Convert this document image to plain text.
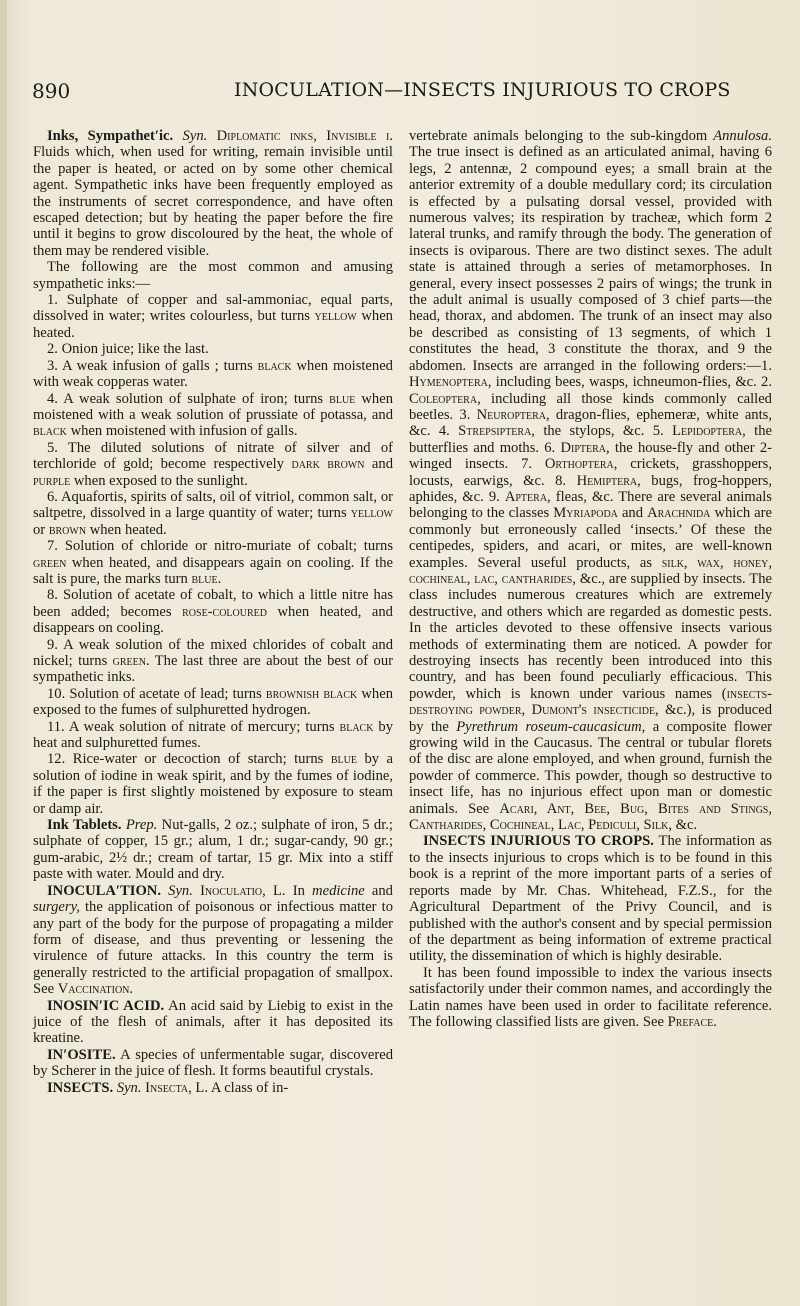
890	INOCULATION—INSECTS INJURIOUS TO CROPS

Inks, Sympathet′ic. Syn. Diplomatic inks, Invisible i. Fluids which, when used for writing, remain invisible until the paper is heated, or acted on by some other chemical agent. Sympathetic inks have been frequently employed as the instruments of secret correspondence, and have often escaped detection; but by heating the paper before the fire until it begins to grow discoloured by the heat, the whole of them may be rendered visible.

The following are the most common and amusing sympathetic inks:—

1. Sulphate of copper and sal-ammoniac, equal parts, dissolved in water; writes colourless, but turns yellow when heated.

2. Onion juice; like the last.

3. A weak infusion of galls ; turns black when moistened with weak copperas water.

4. A weak solution of sulphate of iron; turns blue when moistened with a weak solution of prussiate of potassa, and black when moistened with infusion of galls.

5. The diluted solutions of nitrate of silver and of terchloride of gold; become respectively dark brown and purple when exposed to the sunlight.

6. Aquafortis, spirits of salts, oil of vitriol, common salt, or saltpetre, dissolved in a large quantity of water; turns yellow or brown when heated.

7. Solution of chloride or nitro-muriate of cobalt; turns green when heated, and disappears again on cooling. If the salt is pure, the marks turn blue.

8. Solution of acetate of cobalt, to which a little nitre has been added; becomes rose-coloured when heated, and disappears on cooling.

9. A weak solution of the mixed chlorides of cobalt and nickel; turns green. The last three are about the best of our sympathetic inks.

10. Solution of acetate of lead; turns brownish black when exposed to the fumes of sulphuretted hydrogen.

11. A weak solution of nitrate of mercury; turns black by heat and sulphuretted fumes.

12. Rice-water or decoction of starch; turns blue by a solution of iodine in weak spirit, and by the fumes of iodine, if the paper is first slightly moistened by exposure to steam or damp air.

Ink Tablets. Prep. Nut-galls, 2 oz.; sulphate of iron, 5 dr.; sulphate of copper, 15 gr.; alum, 1 dr.; sugar-candy, 90 gr.; gum-arabic, 2½ dr.; cream of tartar, 15 gr. Mix into a stiff paste with water. Mould and dry.

INOCULA′TION. Syn. Inoculatio, L. In medicine and surgery, the application of poisonous or infectious matter to any part of the body for the purpose of propagating a milder form of disease, and thus preventing or lessening the virulence of future attacks. In this country the term is generally restricted to the artificial propagation of smallpox. See Vaccination.

INOSIN′IC ACID. An acid said by Liebig to exist in the juice of the flesh of animals, after it has deposited its kreatine.

IN′OSITE. A species of unfermentable sugar, discovered by Scherer in the juice of flesh. It forms beautiful crystals.

INSECTS. Syn. Insecta, L. A class of in-

vertebrate animals belonging to the sub-kingdom Annulosa. The true insect is defined as an articulated animal, having 6 legs, 2 antennæ, 2 compound eyes; a small brain at the anterior extremity of a double medullary cord; its circulation is effected by a pulsating dorsal vessel, provided with numerous valves; its respiration by tracheæ, which form 2 lateral trunks, and ramify through the body. The generation of insects is oviparous. There are two distinct sexes. The adult state is attained through a series of metamorphoses. In general, every insect possesses 2 pairs of wings; the trunk in the adult animal is usually composed of 3 chief parts—the head, thorax, and abdomen. The trunk of an insect may also be described as consisting of 13 segments, of which 1 constitutes the head, 3 constitute the thorax, and 9 the abdomen. Insects are arranged in the following orders:—1. Hymenoptera, including bees, wasps, ichneumon-flies, &c. 2. Coleoptera, including all those kinds commonly called beetles. 3. Neuroptera, dragon-flies, ephemeræ, white ants, &c. 4. Strepsiptera, the stylops, &c. 5. Lepidoptera, the butterflies and moths. 6. Diptera, the house-fly and other 2-winged insects. 7. Orthoptera, crickets, grasshoppers, locusts, earwigs, &c. 8. Hemiptera, bugs, frog-hoppers, aphides, &c. 9. Aptera, fleas, &c. There are several animals belonging to the classes Myriapoda and Arachnida which are commonly but erroneously called ‘insects.’ Of these the centipedes, spiders, and acari, or mites, are well-known examples. Several useful products, as silk, wax, honey, cochineal, lac, cantharides, &c., are supplied by insects. The class includes numerous creatures which are extremely destructive, and others which are regarded as domestic pests. In the articles devoted to these offensive insects various methods of exterminating them are noticed. A powder for destroying insects has recently been introduced into this country, and has been found peculiarly efficacious. This powder, which is known under various names (insects-destroying powder, Dumont's insecticide, &c.), is produced by the Pyrethrum roseum-caucasicum, a composite flower growing wild in the Caucasus. The central or tubular florets of the disc are alone employed, and when ground, furnish the powder of commerce. This powder, though so destructive to insect life, has no injurious effect upon man or domestic animals. See Acari, Ant, Bee, Bug, Bites and Stings, Cantharides, Cochineal, Lac, Pediculi, Silk, &c.

INSECTS INJURIOUS TO CROPS. The information as to the insects injurious to crops which is to be found in this book is a reprint of the more important parts of a series of reports made by Mr. Chas. Whitehead, F.Z.S., for the Agricultural Department of the Privy Council, and is published with the author's consent and by special permission of the department as being information of extreme practical utility, the dissemination of which is highly desirable.

It has been found impossible to index the various insects satisfactorily under their common names, and accordingly the Latin names have been used in order to facilitate reference. The following classified lists are given. See Preface.
